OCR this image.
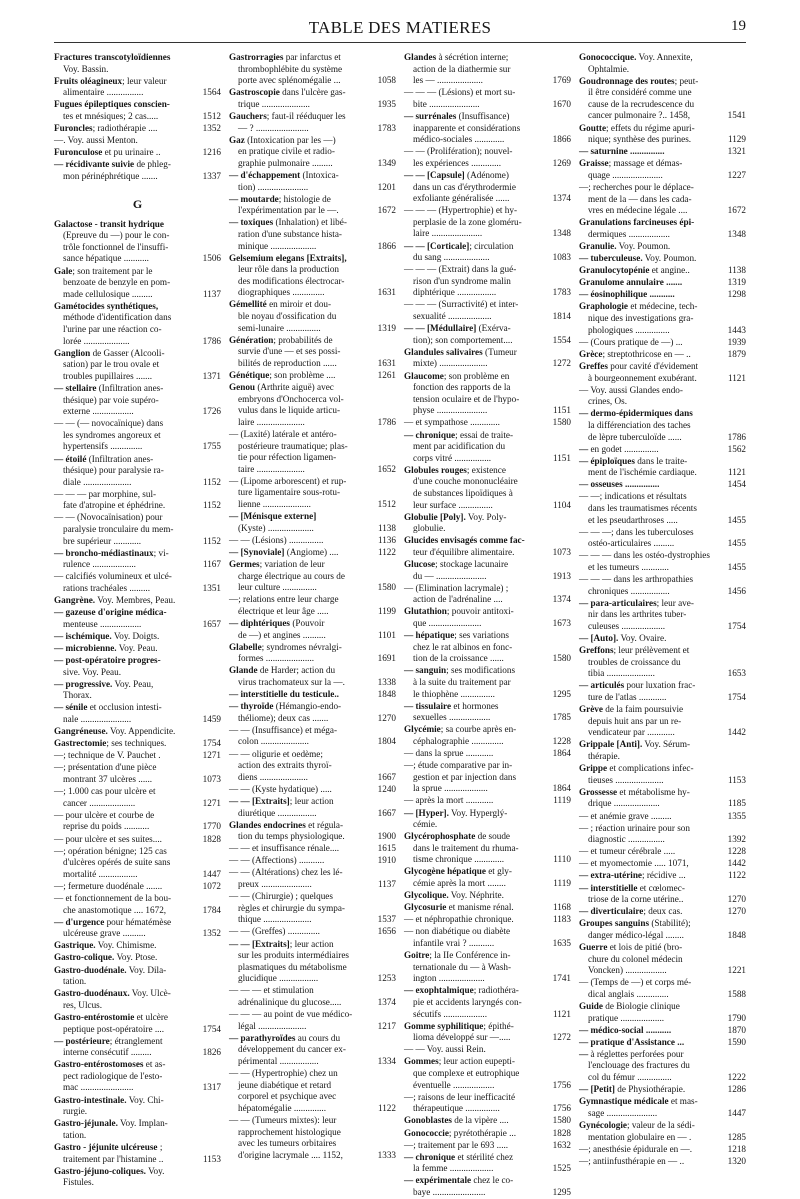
TABLE DES MATIERES	19
Fractures transcotyloïdiennes
Voy. Bassin.
Fruits oléagineux; leur valeur
alimentaire ................	1564
Fugues épileptiques conscien-
tes et mnésiques; 2 cas.....	1512
Furoncles; radiothérapie ....	1352
—. Voy. aussi Menton.
Furonculose et pu urinaire ..	1216
— récidivante suivie de phleg-
mon périnéphrétique .......	1337
G
Galactose - transit hydrique
(Epreuve du —) pour le con-
trôle fonctionnel de l'insuffi-
sance hépatique ...........	1506
Gale; son traitement par le
benzoate de benzyle en pom-
made cellulosique .........	1137
Gamétocides synthétiques,
méthode d'identification dans
l'urine par une réaction co-
lorée ....................	1786
Ganglion de Gasser (Alcooli-
sation) par le trou ovale et
troubles pupillaires .......	1371
— stellaire (Infiltration anes-
thésique) par voie supéro-
externe ..................	1726
— — (— novocaïnique) dans
les syndromes angoreux et
hypertensifs ..............	1755
— étoilé (Infiltration anes-
thésique) pour paralysie ra-
diale .....................	1152
— — — par morphine, sul-
fate d'atropine et éphédrine.	1152
— — (Novocaïnisation) pour
paralysie tronculaire du mem-
bre supérieur ............	1152
— broncho-médiastinaux; vi-
rulence ...................	1167
— calcifiés volumineux et ulcé-
rations trachéales .........	1351
Gangrène. Voy. Membres, Peau.
— gazeuse d'origine médica-
menteuse ..................	1657
— ischémique. Voy. Doigts.
— microbienne. Voy. Peau.
— post-opératoire progres-
sive. Voy. Peau.
— progressive. Voy. Peau,
Thorax.
— sénile et occlusion intesti-
nale ......................	1459
Gangréneuse. Voy. Appendicite.
Gastrectomie; ses techniques.	1754
—; technique de V. Pauchet .	1271
—; présentation d'une pièce
montrant 37 ulcères ......	1073
—; 1.000 cas pour ulcère et
cancer ....................	1271
— pour ulcère et courbe de
reprise du poids ...........	1770
— pour ulcère et ses suites....	1828
—; opération bénigne; 125 cas
d'ulcères opérés de suite sans
mortalité .................	1447
—; fermeture duodénale .......	1072
— et fonctionnement de la bou-
che anastomotique .... 1672,	1784
— d'urgence pour hématémèse
ulcéreuse grave ..........	1352
Gastrique. Voy. Chimisme.
Gastro-colique. Voy. Ptose.
Gastro-duodénale. Voy. Dila-
tation.
Gastro-duodénaux. Voy. Ulcè-
res, Ulcus.
Gastro-entérostomie et ulcère
peptique post-opératoire ....	1754
— postérieure; étranglement
interne consécutif .........	1826
Gastro-entérostomoses et as-
pect radiologique de l'esto-
mac .......................	1317
Gastro-intestinale. Voy. Chi-
rurgie.
Gastro-jéjunale. Voy. Implan-
tation.
Gastro - jéjunite ulcéreuse ;
traitement par l'histamine ..	1153
Gastro-jéjuno-coliques. Voy.
Fistules.
Gastrorragies par infarctus et
thrombophlébite du système
porte avec splénomégalie ...	1058
Gastroscopie dans l'ulcère gas-
trique .....................	1935
Gauchers; faut-il rééduquer les
— ? .......................	1783
Gaz (Intoxication par les —)
en pratique civile et radio-
graphie pulmonaire .........	1349
— d'échappement (Intoxica-
tion) ......................	1201
— moutarde; histologie de
l'expérimentation par le —.	1672
— toxiques (Inhalation) et libé-
ration d'une substance hista-
minique ....................	1866
Gelsemium elegans [Extraits],
leur rôle dans la production
des modifications électrocar-
diographiques ..............	1631
Gémellité en miroir et dou-
ble noyau d'ossification du
semi-lunaire ...............	1319
Génération; probabilités de
survie d'une — et ses possi-
bilités de reproduction ......	1631
Génétique; son problème ....	1261
Genou (Arthrite aiguë) avec
embryons d'Onchocerca vol-
vulus dans le liquide articu-
laire .....................	1786
— (Laxité) latérale et antéro-
postérieure traumatique; plas-
tie pour réfection ligamen-
taire .....................	1652
— (Lipome arborescent) et rup-
ture ligamentaire sous-rotu-
lienne .....................	1512
— [Ménisque externe]
(Kyste) ....................	1138
— — (Lésions) ...............	1136
— [Synoviale] (Angiome) ....	1122
Germes; variation de leur
charge électrique au cours de
leur culture ...............	1580
—; relations entre leur charge
électrique et leur âge .....	1199
— diphtériques (Pouvoir
de —) et angines ..........	1101
Glabelle; syndromes névralgi-
formes .....................	1691
Glande de Harder; action du
virus trachomateux sur la —.	1338
— interstitielle du testicule..	1848
— thyroïde (Hémangio-endo-
théliome); deux cas .......	1270
— — (Insuffisance) et méga-
colon .....................	1804
— — oligurie et oedème;
action des extraits thyroï-
diens .....................	1667
— — (Kyste hydatique) .....	1240
— — [Extraits]; leur action
diurétique .................	1667
Glandes endocrines et régula-
tion du temps physiologique.	1900
— — et insuffisance rénale....	1615
— — (Affections) ...........	1910
— — (Altérations) chez les lé-
preux ......................	1137
— — (Chirurgie) ; quelques
règles et chirurgie du sympa-
thique .....................	1537
— — (Greffes) ..............	1656
— — [Extraits]; leur action
sur les produits intermédiaires
plasmatiques du métabolisme
glucidique .................	1253
— — — et stimulation
adrénalinique du glucose.....	1374
— — — au point de vue médico-
légal .....................	1217
— parathyroïdes au cours du
développement du cancer ex-
périmental .................	1334
— — (Hypertrophie) chez un
jeune diabétique et retard
corporel et psychique avec
hépatomégalie ..............	1122
— — (Tumeurs mixtes): leur
rapprochement histologique
avec les tumeurs orbitaires
d'origine lacrymale .... 1152,	1333
Glandes à sécrétion interne;
action de la diathermie sur
les — ....................	1769
— — — (Lésions) et mort su-
bite ......................	1670
— surrénales (Insuffisance)
inapparente et considérations
médico-sociales .............	1866
— — (Prolifération); nouvel-
les expériences .............	1269
— — [Capsule] (Adénome)
dans un cas d'érythrodermie
exfoliante généralisée ......	1374
— — — (Hypertrophie) et hy-
perplasie de la zone gloméru-
laire ......................	1348
— — [Corticale]; circulation
du sang ....................	1083
— — — (Extrait) dans la gué-
rison d'un syndrome malin
diphtérique .................	1783
— — — (Surractivité) et inter-
sexualité ...................	1814
— — [Médullaire] (Exérva-
tion); son comportement....	1554
Glandules salivaires (Tumeur
mixte) .....................	1272
Glaucome; son problème en
fonction des rapports de la
tension oculaire et de l'hypo-
physe ......................	1151
— et sympathose .............	1580
— chronique; essai de traite-
ment par acidification du
corps vitré ................	1151
Globules rouges; existence
d'une couche mononucléaire
de substances lipoïdiques à
leur surface ...............	1104
Globulie [Poly]. Voy. Poly-
globulie.
Glucides envisagés comme fac-
teur d'équilibre alimentaire.	1073
Glucose; stockage lacunaire
du — ......................	1913
— (Elimination lacrymale) ;
action de l'adrénaline ....	1374
Glutathion; pouvoir antitoxi-
que .......................	1673
— hépatique; ses variations
chez le rat albinos en fonc-
tion de la croissance ......	1580
— sanguin; ses modifications
à la suite du traitement par
le thiophène ...............	1295
— tissulaire et hormones
sexuelles ..................	1785
Glycémie; sa courbe après en-
céphalographie ..............	1228
— dans la sprue ............	1864
—; étude comparative par in-
gestion et par injection dans
la sprue ...................	1864
— après la mort ............	1119
— [Hyper]. Voy. Hyperglý-
cémie.
Glycérophosphate de soude
dans le traitement du rhuma-
tisme chronique .............	1110
Glycogène hépatique et gly-
cémie après la mort ........	1119
Glycolique. Voy. Néphrite.
Glycosurie et manisme rénal.	1168
— et néphropathie chronique.	1183
— non diabétique ou diabète
infantile vrai ? ...........	1635
Goitre; la IIe Conférence in-
ternationale du — à Wash-
ington ....................	1741
— exophtalmique; radiothéra-
pie et accidents laryngés con-
sécutifs ...................	1121
Gomme syphilitique; épithé-
lioma développé sur —.....	1272
— — Voy. aussi Rein.
Gommes; leur action eupepti-
que complexe et eutrophique
éventuelle ..................	1756
—; raisons de leur inefficacité
thérapeutique ...............	1756
Gonoblastes de la vipère ....	1580
Gonococcie; pyrétothérapie ...	1828
—; traitement par le 693 .....	1632
— chronique et stérilité chez
la femme ...................	1525
— expérimentale chez le co-
baye .......................	1295
Gonococcique. Voy. Annexite,
Ophtalmie.
Goudronnage des routes; peut-
il être considéré comme une
cause de la recrudescence du
cancer pulmonaire ?.. 1458,	1541
Goutte; effets du régime apuri-
nique; synthèse des purines.	1129
— saturnine ...............	1321
Graisse; massage et démas-
quage ......................	1227
—; recherches pour le déplace-
ment de la — dans les cada-
vres en médecine légale ....	1672
Granulations farcineuses épi-
dermiques ..................	1348
Granulie. Voy. Poumon.
— tuberculeuse. Voy. Poumon.
Granulocytopénie et angine..	1138
Granulome annulaire .......	1319
— éosinophilique ...........	1298
Graphologie et médecine, tech-
nique des investigations gra-
phologiques ...............	1443
— (Cours pratique de —) ...	1939
Grèce; streptothricose en — ..	1879
Greffes pour cavité d'évidement
à bourgeonnement exubérant.	1121
— Voy. aussi Glandes endo-
crines, Os.
— dermo-épidermiques dans
la différenciation des taches
de lèpre tuberculoïde ......	1786
— en godet ...............	1562
— épiploïques dans le traite-
ment de l'ischémie cardiaque.	1121
— osseuses ...............	1454
— —; indications et résultats
dans les traumatismes récents
et les pseudarthroses .....	1455
— — —; dans les tuberculoses
ostéo-articulaires .........	1455
— — — dans les ostéo-dystrophies
et les tumeurs ............	1455
— — — dans les arthropathies
chroniques .................	1456
— para-articulaires; leur ave-
nir dans les arthrites tuber-
culeuses ...................	1754
— [Auto]. Voy. Ovaire.
Greffons; leur prélèvement et
troubles de croissance du
tibia .....................	1653
— articulés pour luxation frac-
ture de l'atlas ............	1754
Grève de la faim poursuivie
depuis huit ans par un re-
vendicateur par ............	1442
Grippale [Anti]. Voy. Sérum-
thérapie.
Grippe et complications infec-
tieuses .....................	1153
Grossesse et métabolisme hy-
drique ....................	1185
— et anémie grave .........	1355
— ; réaction urinaire pour son
diagnostic ................	1392
— et tumeur cérébrale .....	1228
— et myomectomie ..... 1071,	1442
— extra-utérine; récidive ...	1122
— interstitielle et cœlomec-
triose de la corne utérine..	1270
— diverticulaire; deux cas.	1270
Groupes sanguins (Stabilité);
danger médico-légal ........	1848
Guerre et lois de pitié (bro-
chure du colonel médecin
Voncken) ..................	1221
— (Temps de —) et corps mé-
dical anglais ..............	1588
Guide de Biologie clinique
pratique ...................	1790
— médico-social ...........	1870
— pratique d'Assistance ...	1590
— à réglettes perforées pour
l'enclouage des fractures du
col du fémur ...............	1222
— [Petit] de Physiothérapie.	1286
Gymnastique médicale et mas-
sage ......................	1447
Gynécologie; valeur de la sédi-
mentation globulaire en — .	1285
—; anesthésie épidurale en —.	1218
—; antiinfusthérapie en — ..	1320
